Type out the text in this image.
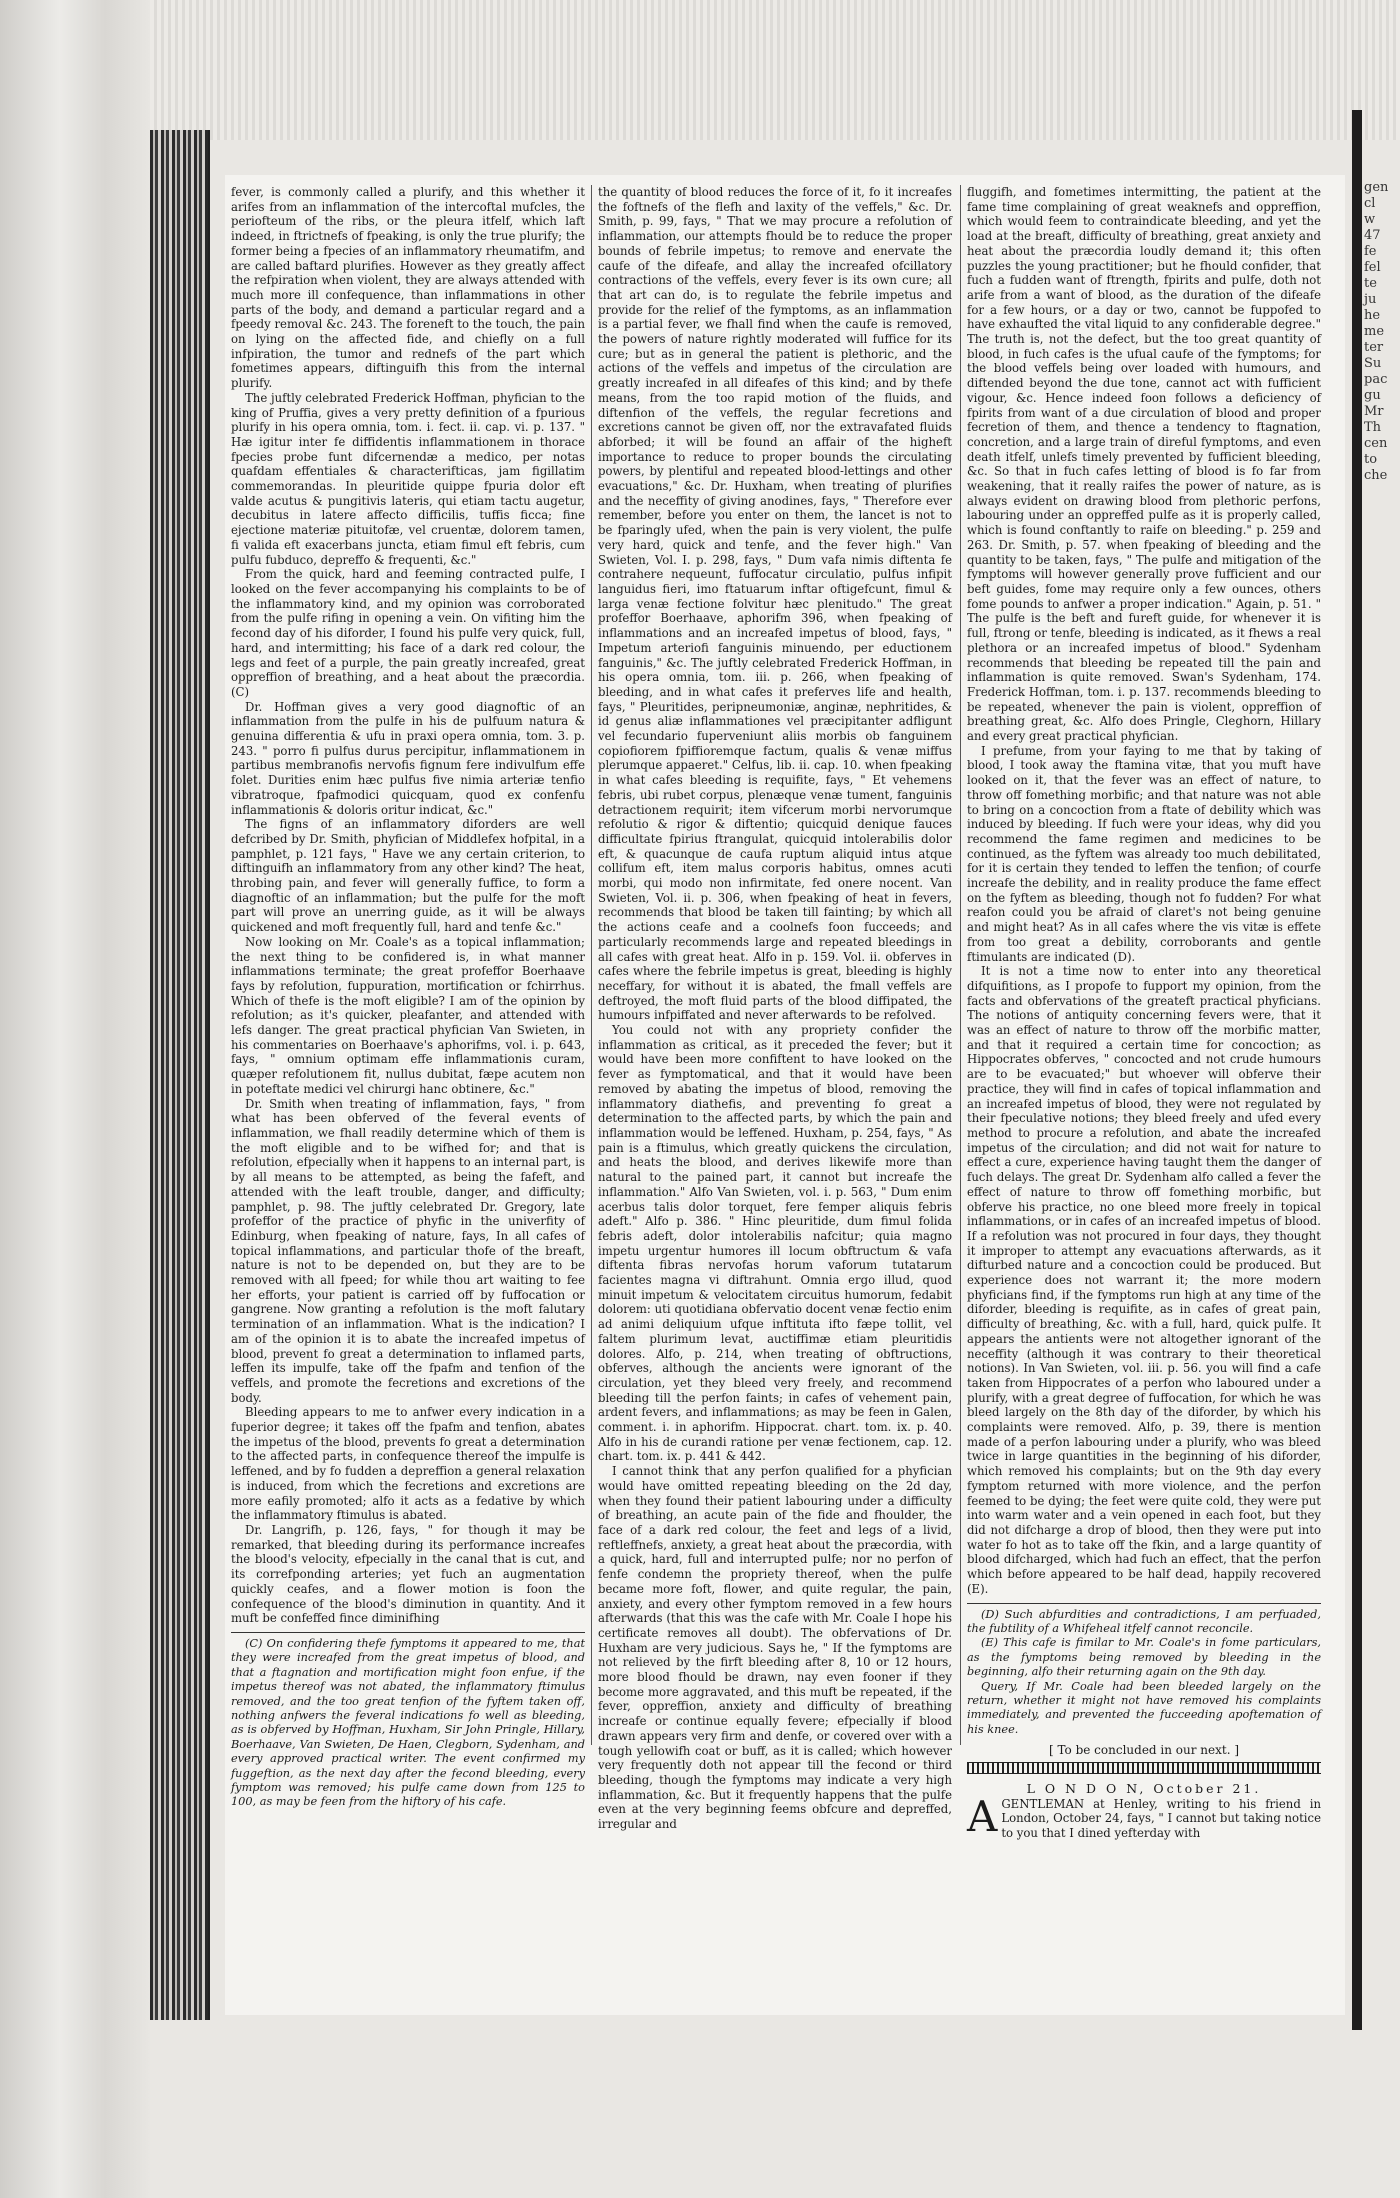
gen
cl
w
47
fe
fel
te
ju
he
me
ter
Su
pac
gu
Mr
Th
cen
to
che

fever, is commonly called a plurify, and this whether it arifes from an inflammation of the intercoftal mufcles, the periofteum of the ribs, or the pleura itfelf, which laft indeed, in ftrictnefs of fpeaking, is only the true plurify; the former being a fpecies of an inflammatory rheumatifm, and are called baftard plurifies. However as they greatly affect the refpiration when violent, they are always attended with much more ill confequence, than inflammations in other parts of the body, and demand a particular regard and a fpeedy removal &c. 243. The foreneft to the touch, the pain on lying on the affected fide, and chiefly on a full infpiration, the tumor and rednefs of the part which fometimes appears, diftinguifh this from the internal plurify.

The juftly celebrated Frederick Hoffman, phyfician to the king of Pruffia, gives a very pretty definition of a fpurious plurify in his opera omnia, tom. i. fect. ii. cap. vi. p. 137. " Hæ igitur inter fe diffidentis inflammationem in thorace fpecies probe funt difcernendæ a medico, per notas quafdam effentiales & characterifticas, jam figillatim commemorandas. In pleuritide quippe fpuria dolor eft valde acutus & pungitivis lateris, qui etiam tactu augetur, decubitus in latere affecto difficilis, tuffis ficca; fine ejectione materiæ pituitofæ, vel cruentæ, dolorem tamen, fi valida eft exacerbans juncta, etiam fimul eft febris, cum pulfu fubduco, depreffo & frequenti, &c."

From the quick, hard and feeming contracted pulfe, I looked on the fever accompanying his complaints to be of the inflammatory kind, and my opinion was corroborated from the pulfe rifing in opening a vein. On vifiting him the fecond day of his diforder, I found his pulfe very quick, full, hard, and intermitting; his face of a dark red colour, the legs and feet of a purple, the pain greatly increafed, great oppreffion of breathing, and a heat about the præcordia. (C)

Dr. Hoffman gives a very good diagnoftic of an inflammation from the pulfe in his de pulfuum natura & genuina differentia & ufu in praxi opera omnia, tom. 3. p. 243. " porro fi pulfus durus percipitur, inflammationem in partibus membranofis nervofis fignum fere indivulfum effe folet. Durities enim hæc pulfus five nimia arteriæ tenfio vibratroque, fpafmodici quicquam, quod ex confenfu inflammationis & doloris oritur indicat, &c."

The figns of an inflammatory diforders are well defcribed by Dr. Smith, phyfician of Middlefex hofpital, in a pamphlet, p. 121 fays, " Have we any certain criterion, to diftinguifh an inflammatory from any other kind? The heat, throbing pain, and fever will generally fuffice, to form a diagnoftic of an inflammation; but the pulfe for the moft part will prove an unerring guide, as it will be always quickened and moft frequently full, hard and tenfe &c."

Now looking on Mr. Coale's as a topical inflammation; the next thing to be confidered is, in what manner inflammations terminate; the great profeffor Boerhaave fays by refolution, fuppuration, mortification or fchirrhus. Which of thefe is the moft eligible? I am of the opinion by refolution; as it's quicker, pleafanter, and attended with lefs danger. The great practical phyfician Van Swieten, in his commentaries on Boerhaave's aphorifms, vol. i. p. 643, fays, " omnium optimam effe inflammationis curam, quæper refolutionem fit, nullus dubitat, fæpe acutem non in poteftate medici vel chirurgi hanc obtinere, &c."

Dr. Smith when treating of inflammation, fays, " from what has been obferved of the feveral events of inflammation, we fhall readily determine which of them is the moft eligible and to be wifhed for; and that is refolution, efpecially when it happens to an internal part, is by all means to be attempted, as being the fafeft, and attended with the leaft trouble, danger, and difficulty; pamphlet, p. 98. The juftly celebrated Dr. Gregory, late profeffor of the practice of phyfic in the univerfity of Edinburg, when fpeaking of nature, fays, In all cafes of topical inflammations, and particular thofe of the breaft, nature is not to be depended on, but they are to be removed with all fpeed; for while thou art waiting to fee her efforts, your patient is carried off by fuffocation or gangrene. Now granting a refolution is the moft falutary termination of an inflammation. What is the indication? I am of the opinion it is to abate the increafed impetus of blood, prevent fo great a determination to inflamed parts, leffen its impulfe, take off the fpafm and tenfion of the veffels, and promote the fecretions and excretions of the body.

Bleeding appears to me to anfwer every indication in a fuperior degree; it takes off the fpafm and tenfion, abates the impetus of the blood, prevents fo great a determination to the affected parts, in confequence thereof the impulfe is leffened, and by fo fudden a depreffion a general relaxation is induced, from which the fecretions and excretions are more eafily promoted; alfo it acts as a fedative by which the inflammatory ftimulus is abated.

Dr. Langrifh, p. 126, fays, " for though it may be remarked, that bleeding during its performance increafes the blood's velocity, efpecially in the canal that is cut, and its correfponding arteries; yet fuch an augmentation quickly ceafes, and a flower motion is foon the confequence of the blood's diminution in quantity. And it muft be confeffed fince diminifhing

(C) On confidering thefe fymptoms it appeared to me, that they were increafed from the great impetus of blood, and that a ftagnation and mortification might foon enfue, if the impetus thereof was not abated, the inflammatory ftimulus removed, and the too great tenfion of the fyftem taken off, nothing anfwers the feveral indications fo well as bleeding, as is obferved by Hoffman, Huxham, Sir John Pringle, Hillary, Boerhaave, Van Swieten, De Haen, Clegborn, Sydenham, and every approved practical writer. The event confirmed my fuggeftion, as the next day after the fecond bleeding, every fymptom was removed; his pulfe came down from 125 to 100, as may be feen from the hiftory of his cafe.

the quantity of blood reduces the force of it, fo it increafes the foftnefs of the flefh and laxity of the veffels," &c. Dr. Smith, p. 99, fays, " That we may procure a refolution of inflammation, our attempts fhould be to reduce the proper bounds of febrile impetus; to remove and enervate the caufe of the difeafe, and allay the increafed ofcillatory contractions of the veffels, every fever is its own cure; all that art can do, is to regulate the febrile impetus and provide for the relief of the fymptoms, as an inflammation is a partial fever, we fhall find when the caufe is removed, the powers of nature rightly moderated will fuffice for its cure; but as in general the patient is plethoric, and the actions of the veffels and impetus of the circulation are greatly increafed in all difeafes of this kind; and by thefe means, from the too rapid motion of the fluids, and diftenfion of the veffels, the regular fecretions and excretions cannot be given off, nor the extravafated fluids abforbed; it will be found an affair of the higheft importance to reduce to proper bounds the circulating powers, by plentiful and repeated blood-lettings and other evacuations," &c. Dr. Huxham, when treating of plurifies and the neceffity of giving anodines, fays, " Therefore ever remember, before you enter on them, the lancet is not to be fparingly ufed, when the pain is very violent, the pulfe very hard, quick and tenfe, and the fever high." Van Swieten, Vol. I. p. 298, fays, " Dum vafa nimis diftenta fe contrahere nequeunt, fuffocatur circulatio, pulfus infipit languidus fieri, imo ftatuarum inftar oftigefcunt, fimul & larga venæ fectione folvitur hæc plenitudo." The great profeffor Boerhaave, aphorifm 396, when fpeaking of inflammations and an increafed impetus of blood, fays, " Impetum arteriofi fanguinis minuendo, per eductionem fanguinis," &c. The juftly celebrated Frederick Hoffman, in his opera omnia, tom. iii. p. 266, when fpeaking of bleeding, and in what cafes it preferves life and health, fays, " Pleuritides, peripneumoniæ, anginæ, nephritides, & id genus aliæ inflammationes vel præcipitanter adfligunt vel fecundario fuperveniunt aliis morbis ob fanguinem copiofiorem fpiffioremque factum, qualis & venæ miffus plerumque appaeret." Celfus, lib. ii. cap. 10. when fpeaking in what cafes bleeding is requifite, fays, " Et vehemens febris, ubi rubet corpus, plenæque venæ tument, fanguinis detractionem requirit; item vifcerum morbi nervorumque refolutio & rigor & diftentio; quicquid denique fauces difficultate fpirius ftrangulat, quicquid intolerabilis dolor eft, & quacunque de caufa ruptum aliquid intus atque collifum eft, item malus corporis habitus, omnes acuti morbi, qui modo non infirmitate, fed onere nocent. Van Swieten, Vol. ii. p. 306, when fpeaking of heat in fevers, recommends that blood be taken till fainting; by which all the actions ceafe and a coolnefs foon fucceeds; and particularly recommends large and repeated bleedings in all cafes with great heat. Alfo in p. 159. Vol. ii. obferves in cafes where the febrile impetus is great, bleeding is highly neceffary, for without it is abated, the fmall veffels are deftroyed, the moft fluid parts of the blood diffipated, the humours infpiffated and never afterwards to be refolved.

You could not with any propriety confider the inflammation as critical, as it preceded the fever; but it would have been more confiftent to have looked on the fever as fymptomatical, and that it would have been removed by abating the impetus of blood, removing the inflammatory diathefis, and preventing fo great a determination to the affected parts, by which the pain and inflammation would be leffened. Huxham, p. 254, fays, " As pain is a ftimulus, which greatly quickens the circulation, and heats the blood, and derives likewife more than natural to the pained part, it cannot but increafe the inflammation." Alfo Van Swieten, vol. i. p. 563, " Dum enim acerbus talis dolor torquet, fere femper aliquis febris adeft." Alfo p. 386. " Hinc pleuritide, dum fimul folida febris adeft, dolor intolerabilis nafcitur; quia magno impetu urgentur humores ill locum obftructum & vafa diftenta fibras nervofas horum vaforum tutatarum facientes magna vi diftrahunt. Omnia ergo illud, quod minuit impetum & velocitatem circuitus humorum, fedabit dolorem: uti quotidiana obfervatio docent venæ fectio enim ad animi deliquium ufque inftituta ifto fæpe tollit, vel faltem plurimum levat, auctiffimæ etiam pleuritidis dolores. Alfo, p. 214, when treating of obftructions, obferves, although the ancients were ignorant of the circulation, yet they bleed very freely, and recommend bleeding till the perfon faints; in cafes of vehement pain, ardent fevers, and inflammations; as may be feen in Galen, comment. i. in aphorifm. Hippocrat. chart. tom. ix. p. 40. Alfo in his de curandi ratione per venæ fectionem, cap. 12. chart. tom. ix. p. 441 & 442.

I cannot think that any perfon qualified for a phyfician would have omitted repeating bleeding on the 2d day, when they found their patient labouring under a difficulty of breathing, an acute pain of the fide and fhoulder, the face of a dark red colour, the feet and legs of a livid, reftleffnefs, anxiety, a great heat about the præcordia, with a quick, hard, full and interrupted pulfe; nor no perfon of fenfe condemn the propriety thereof, when the pulfe became more foft, flower, and quite regular, the pain, anxiety, and every other fymptom removed in a few hours afterwards (that this was the cafe with Mr. Coale I hope his certificate removes all doubt). The obfervations of Dr. Huxham are very judicious. Says he, " If the fymptoms are not relieved by the firft bleeding after 8, 10 or 12 hours, more blood fhould be drawn, nay even fooner if they become more aggravated, and this muft be repeated, if the fever, oppreffion, anxiety and difficulty of breathing increafe or continue equally fevere; efpecially if blood drawn appears very firm and denfe, or covered over with a tough yellowifh coat or buff, as it is called; which however very frequently doth not appear till the fecond or third bleeding, though the fymptoms may indicate a very high inflammation, &c. But it frequently happens that the pulfe even at the very beginning feems obfcure and depreffed, irregular and

fluggifh, and fometimes intermitting, the patient at the fame time complaining of great weaknefs and oppreffion, which would feem to contraindicate bleeding, and yet the load at the breaft, difficulty of breathing, great anxiety and heat about the præcordia loudly demand it; this often puzzles the young practitioner; but he fhould confider, that fuch a fudden want of ftrength, fpirits and pulfe, doth not arife from a want of blood, as the duration of the difeafe for a few hours, or a day or two, cannot be fuppofed to have exhaufted the vital liquid to any confiderable degree." The truth is, not the defect, but the too great quantity of blood, in fuch cafes is the ufual caufe of the fymptoms; for the blood veffels being over loaded with humours, and diftended beyond the due tone, cannot act with fufficient vigour, &c. Hence indeed foon follows a deficiency of fpirits from want of a due circulation of blood and proper fecretion of them, and thence a tendency to ftagnation, concretion, and a large train of direful fymptoms, and even death itfelf, unlefs timely prevented by fufficient bleeding, &c. So that in fuch cafes letting of blood is fo far from weakening, that it really raifes the power of nature, as is always evident on drawing blood from plethoric perfons, labouring under an oppreffed pulfe as it is properly called, which is found conftantly to raife on bleeding." p. 259 and 263. Dr. Smith, p. 57. when fpeaking of bleeding and the quantity to be taken, fays, " The pulfe and mitigation of the fymptoms will however generally prove fufficient and our beft guides, fome may require only a few ounces, others fome pounds to anfwer a proper indication." Again, p. 51. " The pulfe is the beft and fureft guide, for whenever it is full, ftrong or tenfe, bleeding is indicated, as it fhews a real plethora or an increafed impetus of blood." Sydenham recommends that bleeding be repeated till the pain and inflammation is quite removed. Swan's Sydenham, 174. Frederick Hoffman, tom. i. p. 137. recommends bleeding to be repeated, whenever the pain is violent, oppreffion of breathing great, &c. Alfo does Pringle, Cleghorn, Hillary and every great practical phyfician.

I prefume, from your faying to me that by taking of blood, I took away the ftamina vitæ, that you muft have looked on it, that the fever was an effect of nature, to throw off fomething morbific; and that nature was not able to bring on a concoction from a ftate of debility which was induced by bleeding. If fuch were your ideas, why did you recommend the fame regimen and medicines to be continued, as the fyftem was already too much debilitated, for it is certain they tended to leffen the tenfion; of courfe increafe the debility, and in reality produce the fame effect on the fyftem as bleeding, though not fo fudden? For what reafon could you be afraid of claret's not being genuine and might heat? As in all cafes where the vis vitæ is effete from too great a debility, corroborants and gentle ftimulants are indicated (D).

It is not a time now to enter into any theoretical difquifitions, as I propofe to fupport my opinion, from the facts and obfervations of the greateft practical phyficians. The notions of antiquity concerning fevers were, that it was an effect of nature to throw off the morbific matter, and that it required a certain time for concoction; as Hippocrates obferves, " concocted and not crude humours are to be evacuated;" but whoever will obferve their practice, they will find in cafes of topical inflammation and an increafed impetus of blood, they were not regulated by their fpeculative notions; they bleed freely and ufed every method to procure a refolution, and abate the increafed impetus of the circulation; and did not wait for nature to effect a cure, experience having taught them the danger of fuch delays. The great Dr. Sydenham alfo called a fever the effect of nature to throw off fomething morbific, but obferve his practice, no one bleed more freely in topical inflammations, or in cafes of an increafed impetus of blood. If a refolution was not procured in four days, they thought it improper to attempt any evacuations afterwards, as it difturbed nature and a concoction could be produced. But experience does not warrant it; the more modern phyficians find, if the fymptoms run high at any time of the diforder, bleeding is requifite, as in cafes of great pain, difficulty of breathing, &c. with a full, hard, quick pulfe. It appears the antients were not altogether ignorant of the neceffity (although it was contrary to their theoretical notions). In Van Swieten, vol. iii. p. 56. you will find a cafe taken from Hippocrates of a perfon who laboured under a plurify, with a great degree of fuffocation, for which he was bleed largely on the 8th day of the diforder, by which his complaints were removed. Alfo, p. 39, there is mention made of a perfon labouring under a plurify, who was bleed twice in large quantities in the beginning of his diforder, which removed his complaints; but on the 9th day every fymptom returned with more violence, and the perfon feemed to be dying; the feet were quite cold, they were put into warm water and a vein opened in each foot, but they did not difcharge a drop of blood, then they were put into water fo hot as to take off the fkin, and a large quantity of blood difcharged, which had fuch an effect, that the perfon which before appeared to be half dead, happily recovered (E).

(D) Such abfurdities and contradictions, I am perfuaded, the fubtility of a Whifeheal itfelf cannot reconcile.

(E) This cafe is fimilar to Mr. Coale's in fome particulars, as the fymptoms being removed by bleeding in the beginning, alfo their returning again on the 9th day.

Query, If Mr. Coale had been bleeded largely on the return, whether it might not have removed his complaints immediately, and prevented the fucceeding apoftemation of his knee.

[ To be concluded in our next. ]
L O N D O N, October 21.

AGENTLEMAN at Henley, writing to his friend in London, October 24, fays, " I cannot but taking notice to you that I dined yefterday with
